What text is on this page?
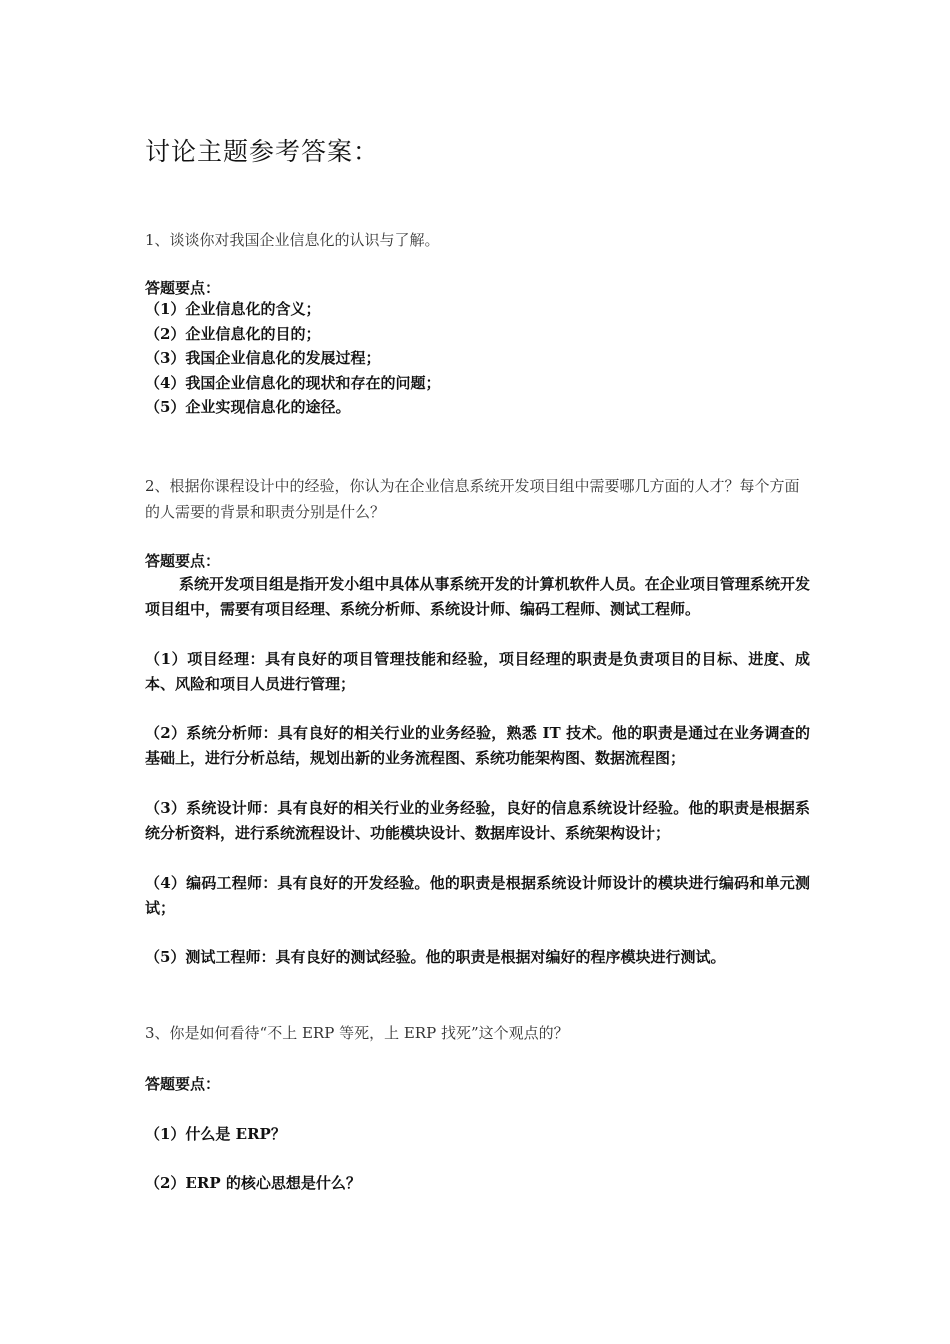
讨论主题参考答案：

1、谈谈你对我国企业信息化的认识与了解。

答题要点：

（1）企业信息化的含义；
（2）企业信息化的目的；
（3）我国企业信息化的发展过程；
（4）我国企业信息化的现状和存在的问题；
（5）企业实现信息化的途径。

2、根据你课程设计中的经验，你认为在企业信息系统开发项目组中需要哪几方面的人才？每个方面的人需要的背景和职责分别是什么？

答题要点：

系统开发项目组是指开发小组中具体从事系统开发的计算机软件人员。在企业项目管理系统开发项目组中，需要有项目经理、系统分析师、系统设计师、编码工程师、测试工程师。

（1）项目经理：具有良好的项目管理技能和经验，项目经理的职责是负责项目的目标、进度、成本、风险和项目人员进行管理；

（2）系统分析师：具有良好的相关行业的业务经验，熟悉 IT 技术。他的职责是通过在业务调查的基础上，进行分析总结，规划出新的业务流程图、系统功能架构图、数据流程图；

（3）系统设计师：具有良好的相关行业的业务经验，良好的信息系统设计经验。他的职责是根据系统分析资料，进行系统流程设计、功能模块设计、数据库设计、系统架构设计；

（4）编码工程师：具有良好的开发经验。他的职责是根据系统设计师设计的模块进行编码和单元测试；

（5）测试工程师：具有良好的测试经验。他的职责是根据对编好的程序模块进行测试。

3、你是如何看待“不上 ERP 等死，上 ERP 找死”这个观点的？

答题要点：

（1）什么是 ERP？

（2）ERP 的核心思想是什么？
